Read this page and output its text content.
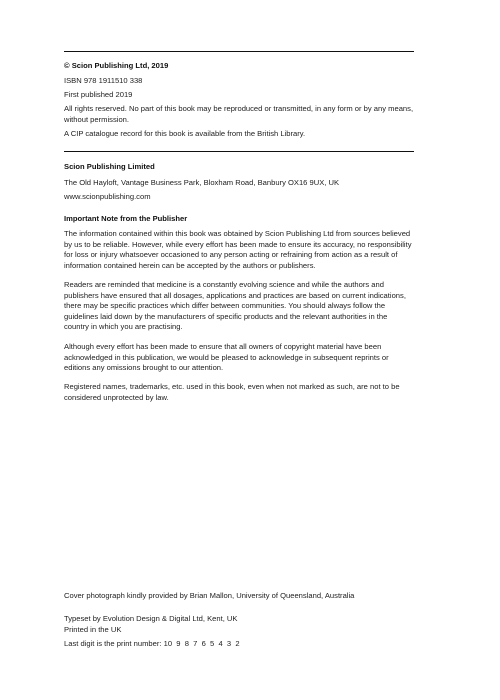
© Scion Publishing Ltd, 2019
ISBN 978 1911510 338
First published 2019
All rights reserved. No part of this book may be reproduced or transmitted, in any form or by any means, without permission.
A CIP catalogue record for this book is available from the British Library.
Scion Publishing Limited
The Old Hayloft, Vantage Business Park, Bloxham Road, Banbury OX16 9UX, UK
www.scionpublishing.com
Important Note from the Publisher
The information contained within this book was obtained by Scion Publishing Ltd from sources believed by us to be reliable. However, while every effort has been made to ensure its accuracy, no responsibility for loss or injury whatsoever occasioned to any person acting or refraining from action as a result of information contained herein can be accepted by the authors or publishers.
Readers are reminded that medicine is a constantly evolving science and while the authors and publishers have ensured that all dosages, applications and practices are based on current indications, there may be specific practices which differ between communities. You should always follow the guidelines laid down by the manufacturers of specific products and the relevant authorities in the country in which you are practising.
Although every effort has been made to ensure that all owners of copyright material have been acknowledged in this publication, we would be pleased to acknowledge in subsequent reprints or editions any omissions brought to our attention.
Registered names, trademarks, etc. used in this book, even when not marked as such, are not to be considered unprotected by law.
Cover photograph kindly provided by Brian Mallon, University of Queensland, Australia
Typeset by Evolution Design & Digital Ltd, Kent, UK
Printed in the UK
Last digit is the print number: 10  9  8  7  6  5  4  3  2
